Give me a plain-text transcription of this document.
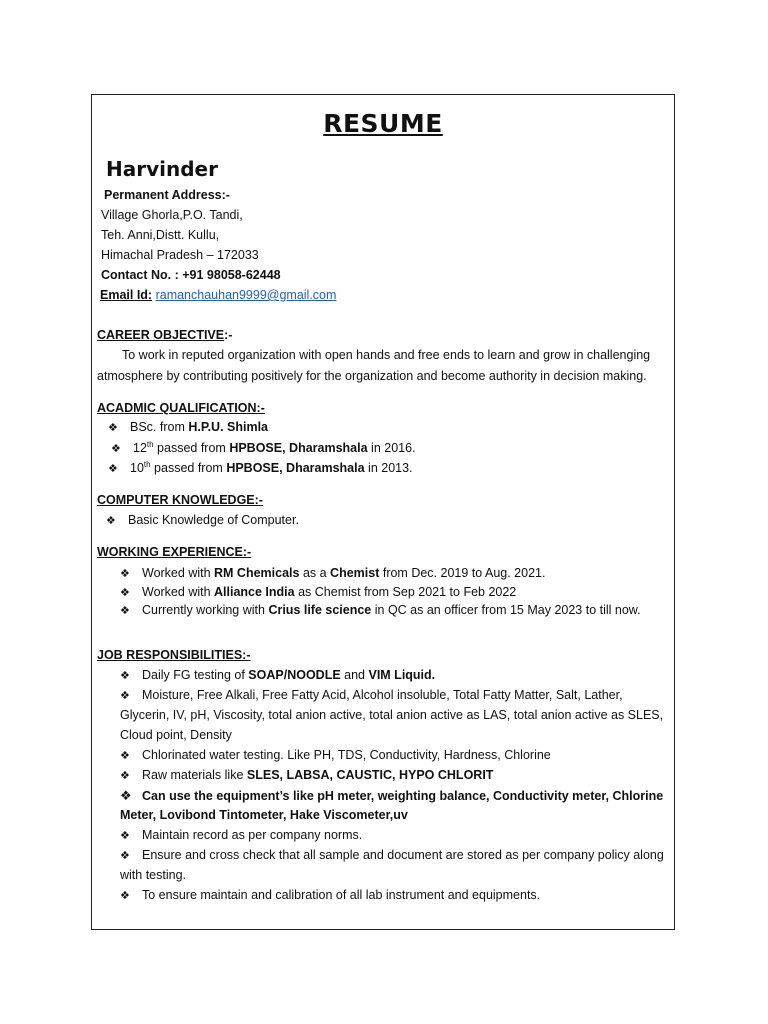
RESUME
Harvinder
Permanent Address:-
Village Ghorla,P.O. Tandi,
Teh. Anni,Distt. Kullu,
Himachal Pradesh – 172033
Contact No. : +91 98058-62448
Email Id: ramanchauhan9999@gmail.com
CAREER OBJECTIVE:-
To work in reputed organization with open hands and free ends to learn and grow in challenging
atmosphere by contributing positively for the organization and become authority in decision making.
ACADMIC QUALIFICATION:-
❖ BSc. from H.P.U. Shimla
❖ 12th passed from HPBOSE, Dharamshala in 2016.
❖ 10th passed from HPBOSE, Dharamshala in 2013.
COMPUTER KNOWLEDGE:-
❖ Basic Knowledge of Computer.
WORKING EXPERIENCE:-
❖ Worked with RM Chemicals as a Chemist from Dec. 2019 to Aug. 2021.
❖ Worked with Alliance India as Chemist from Sep 2021 to Feb 2022
❖ Currently working with Crius life science in QC as an officer from 15 May 2023 to till now.
JOB RESPONSIBILITIES:-
❖ Daily FG testing of SOAP/NOODLE and VIM Liquid.
❖ Moisture, Free Alkali, Free Fatty Acid, Alcohol insoluble, Total Fatty Matter, Salt, Lather,
Glycerin, IV, pH, Viscosity, total anion active, total anion active as LAS, total anion active as SLES,
Cloud point, Density
❖ Chlorinated water testing. Like PH, TDS, Conductivity, Hardness, Chlorine
❖ Raw materials like SLES, LABSA, CAUSTIC, HYPO CHLORIT
❖ Can use the equipment’s like pH meter, weighting balance, Conductivity meter, Chlorine
Meter, Lovibond Tintometer, Hake Viscometer,uv
❖ Maintain record as per company norms.
❖ Ensure and cross check that all sample and document are stored as per company policy along
with testing.
❖ To ensure maintain and calibration of all lab instrument and equipments.
